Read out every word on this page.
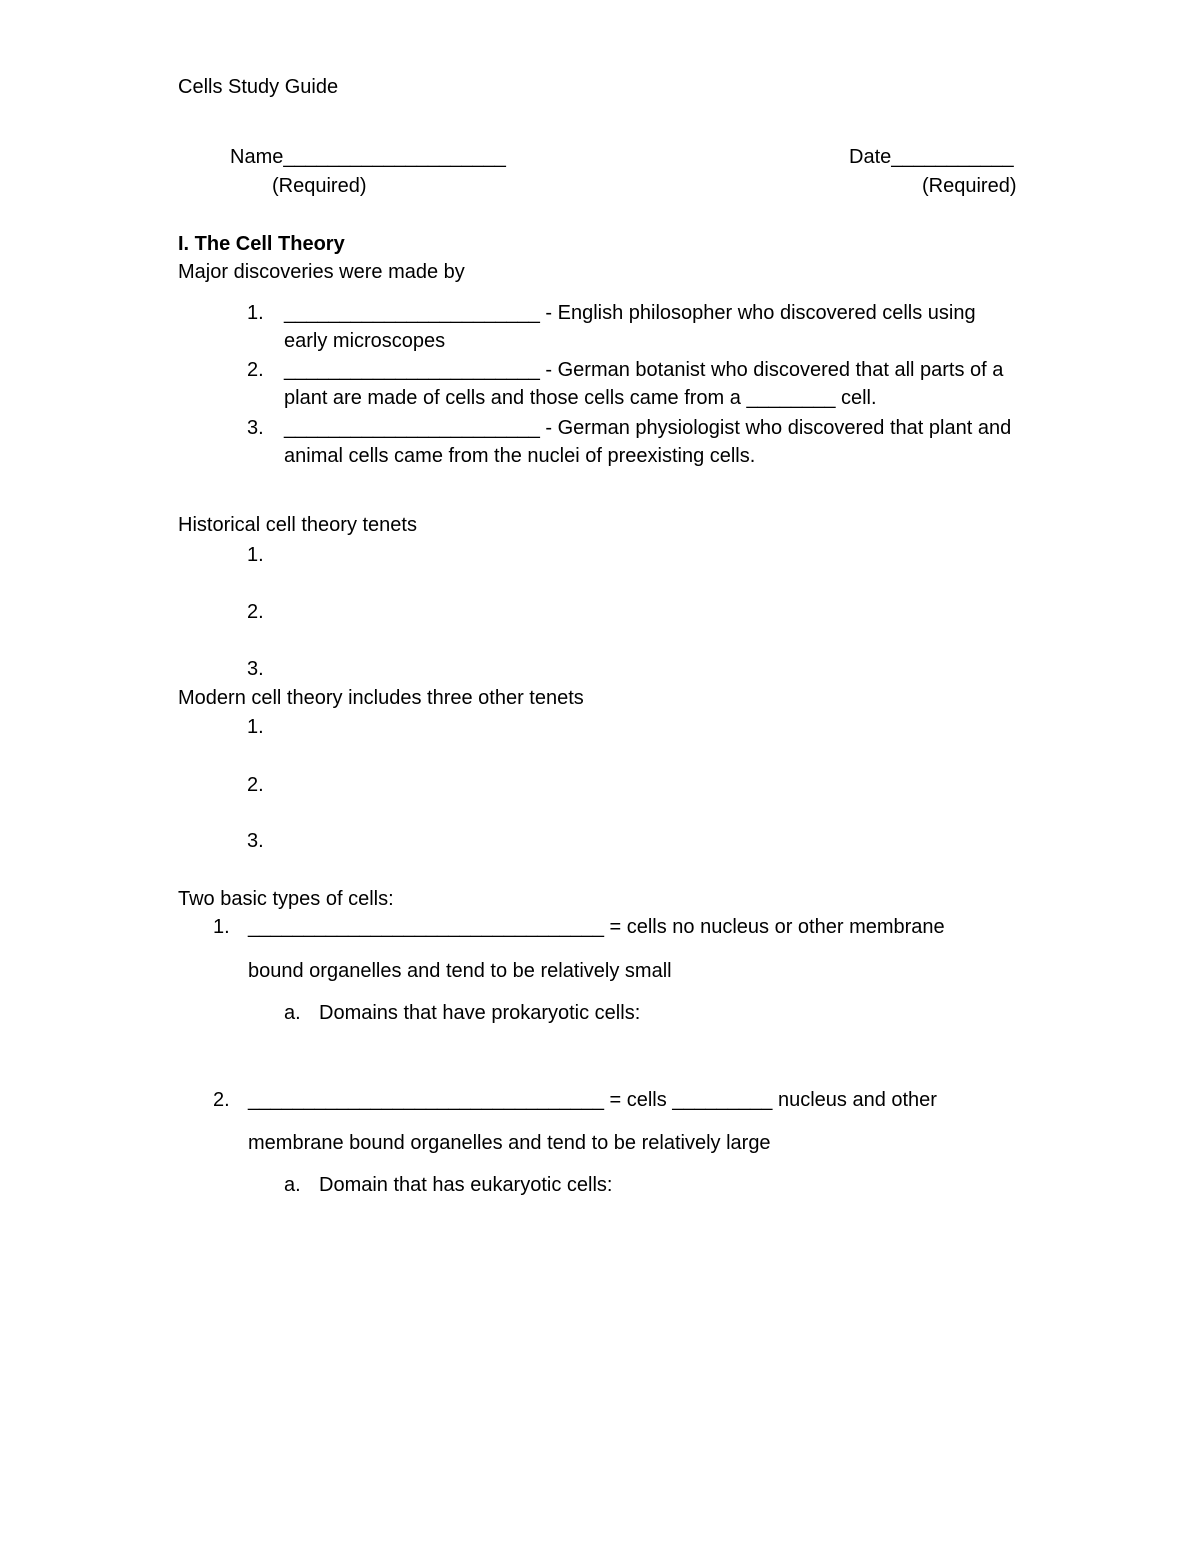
Cells Study Guide
Name____________________
(Required)
Date___________
(Required)
I. The Cell Theory
Major discoveries were made by
1. _______________________ - English philosopher who discovered cells using early microscopes
2. _______________________ - German botanist who discovered that all parts of a plant are made of cells and those cells came from a ________ cell.
3. _______________________ - German physiologist who discovered that plant and animal cells came from the nuclei of preexisting cells.
Historical cell theory tenets
1.
2.
3.
Modern cell theory includes three other tenets
1.
2.
3.
Two basic types of cells:
1. ________________________________ = cells no nucleus or other membrane
bound organelles and tend to be relatively small
a. Domains that have prokaryotic cells:
2. ________________________________ = cells _________ nucleus and other
membrane bound organelles and tend to be relatively large
a. Domain that has eukaryotic cells:
